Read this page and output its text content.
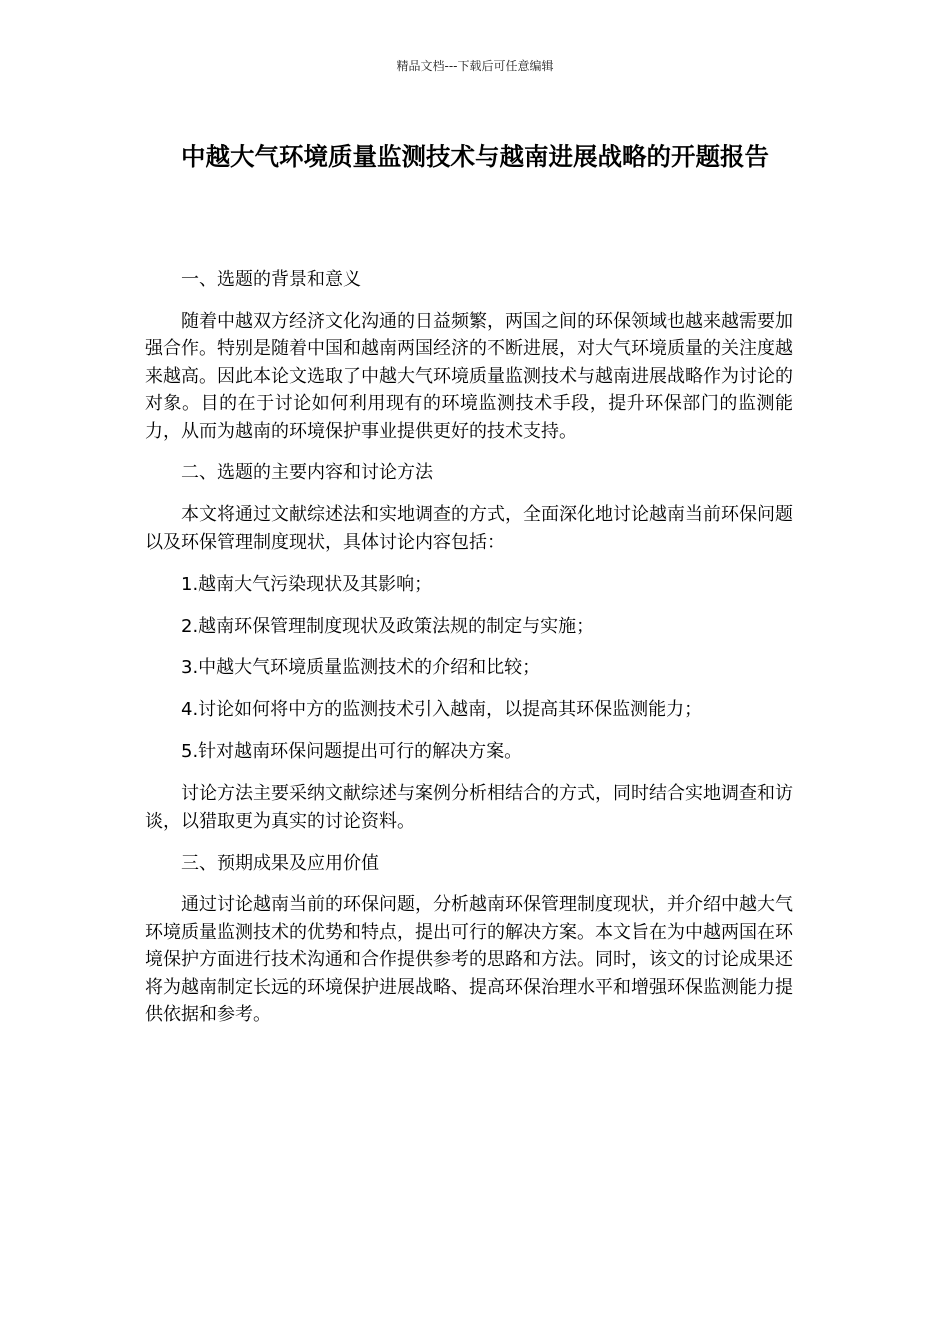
精品文档---下载后可任意编辑
中越大气环境质量监测技术与越南进展战略的开题报告

一、选题的背景和意义

随着中越双方经济文化沟通的日益频繁，两国之间的环保领域也越来越需要加强合作。特别是随着中国和越南两国经济的不断进展，对大气环境质量的关注度越来越高。因此本论文选取了中越大气环境质量监测技术与越南进展战略作为讨论的对象。目的在于讨论如何利用现有的环境监测技术手段，提升环保部门的监测能力，从而为越南的环境保护事业提供更好的技术支持。

二、选题的主要内容和讨论方法

本文将通过文献综述法和实地调查的方式，全面深化地讨论越南当前环保问题以及环保管理制度现状，具体讨论内容包括：

1.越南大气污染现状及其影响；

2.越南环保管理制度现状及政策法规的制定与实施；

3.中越大气环境质量监测技术的介绍和比较；

4.讨论如何将中方的监测技术引入越南，以提高其环保监测能力；

5.针对越南环保问题提出可行的解决方案。

讨论方法主要采纳文献综述与案例分析相结合的方式，同时结合实地调查和访谈，以猎取更为真实的讨论资料。

三、预期成果及应用价值

通过讨论越南当前的环保问题，分析越南环保管理制度现状，并介绍中越大气环境质量监测技术的优势和特点，提出可行的解决方案。本文旨在为中越两国在环境保护方面进行技术沟通和合作提供参考的思路和方法。同时，该文的讨论成果还将为越南制定长远的环境保护进展战略、提高环保治理水平和增强环保监测能力提供依据和参考。
